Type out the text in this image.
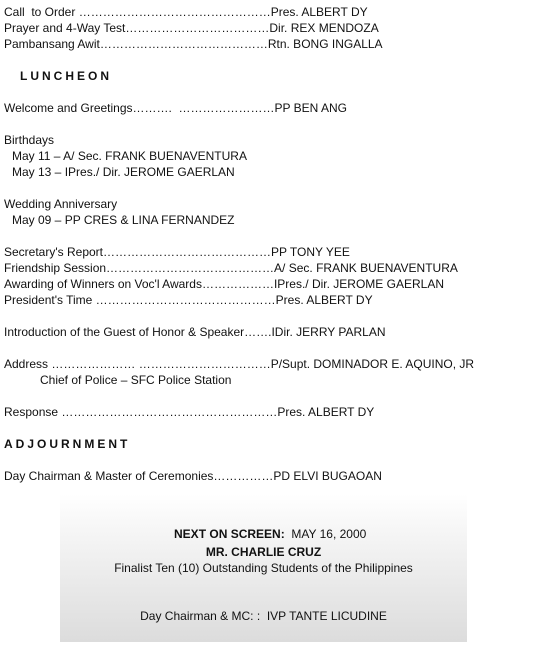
Call  to Order …………………………………………Pres. ALBERT DY
Prayer and 4-Way Test………………………………Dir. REX MENDOZA
Pambansang Awit……………………………………Rtn. BONG INGALLA
LUNCHEON
Welcome and Greetings……….  ……………………PP BEN ANG
Birthdays
May 11 – A/ Sec. FRANK BUENAVENTURA
May 13 – IPres./ Dir. JEROME GAERLAN
Wedding Anniversary
May 09 – PP CRES & LINA FERNANDEZ
Secretary's Report……………………………………PP TONY YEE
Friendship Session……………………………………A/ Sec. FRANK BUENAVENTURA
Awarding of Winners on Voc'l Awards………………IPres./ Dir. JEROME GAERLAN
President's Time ………………………………………Pres. ALBERT DY
Introduction of the Guest of Honor & Speaker…….IDir. JERRY PARLAN
Address ………………… ……………………………P/Supt. DOMINADOR E. AQUINO, JR
Chief of Police – SFC Police Station
Response ………………………………………………Pres. ALBERT DY
ADJOURNMENT
Day Chairman & Master of Ceremonies……………PD ELVI BUGAOAN

NEXT ON SCREEN:  MAY 16, 2000

MR. CHARLIE CRUZ
Finalist Ten (10) Outstanding Students of the Philippines
Day Chairman & MC: :  IVP TANTE LICUDINE
